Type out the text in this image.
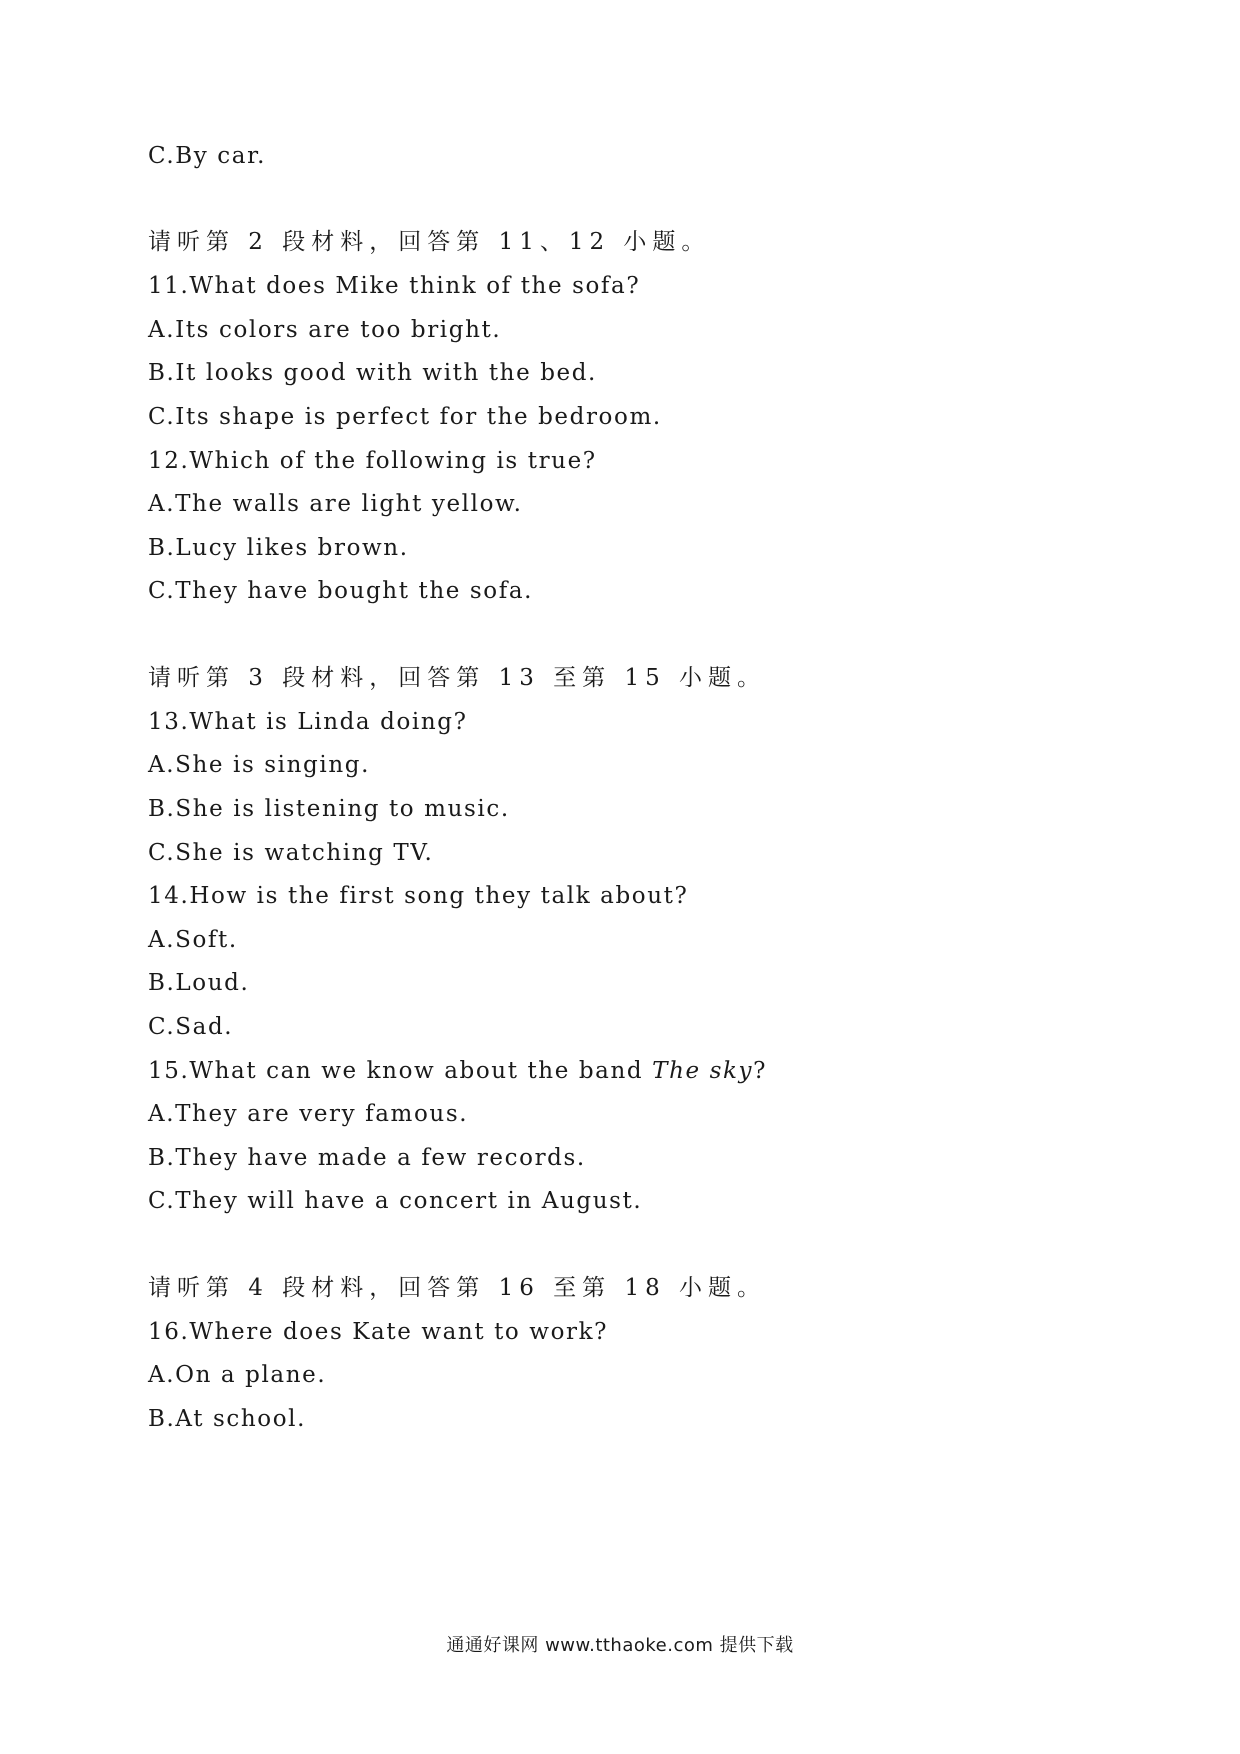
C.By car.
请听第 2 段材料，回答第 11、12 小题。
11.What does Mike think of the sofa?
A.Its colors are too bright.
B.It looks good with with the bed.
C.Its shape is perfect for the bedroom.
12.Which of the following is true?
A.The walls are light yellow.
B.Lucy likes brown.
C.They have bought the sofa.
请听第 3 段材料，回答第 13 至第 15 小题。
13.What is Linda doing?
A.She is singing.
B.She is listening to music.
C.She is watching TV.
14.How is the first song they talk about?
A.Soft.
B.Loud.
C.Sad.
15.What can we know about the band The sky?
A.They are very famous.
B.They have made a few records.
C.They will have a concert in August.
请听第 4 段材料，回答第 16 至第 18 小题。
16.Where does Kate want to work?
A.On a plane.
B.At school.
通通好课网 www.tthaoke.com 提供下载
